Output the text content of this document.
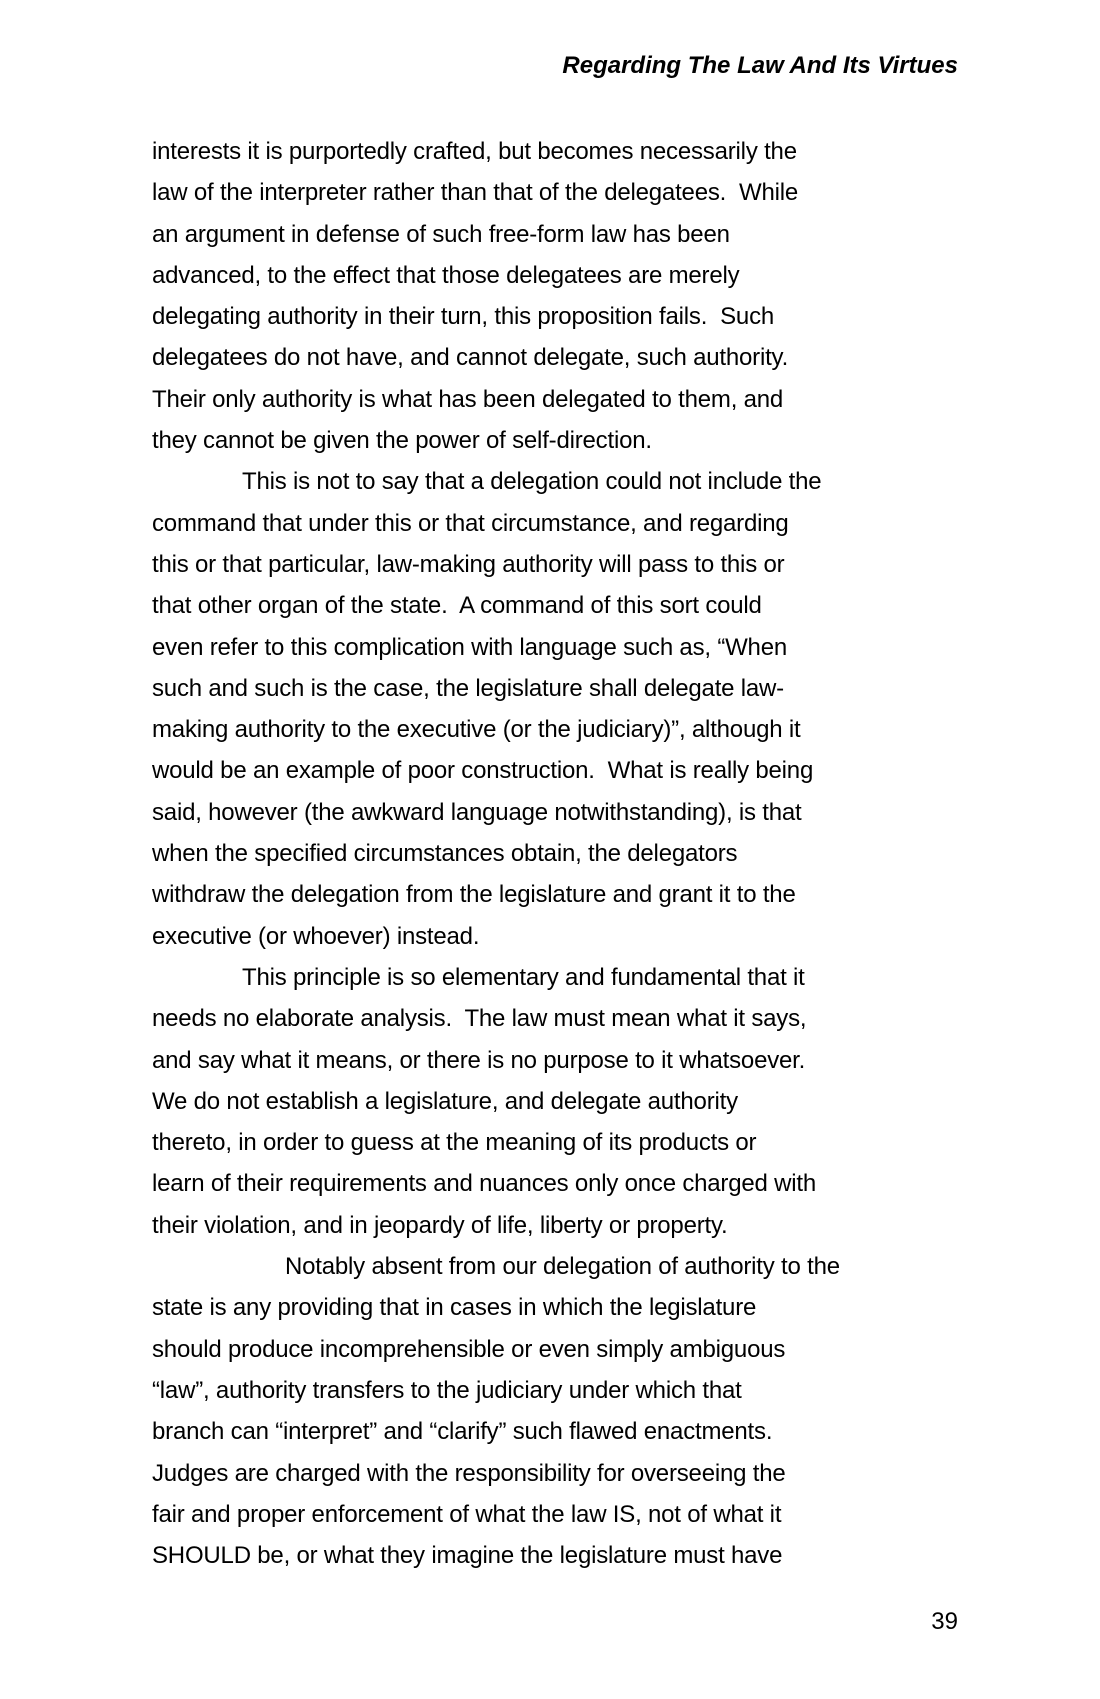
Regarding The Law And Its Virtues
interests it is purportedly crafted, but becomes necessarily the
law of the interpreter rather than that of the delegatees.  While
an argument in defense of such free-form law has been
advanced, to the effect that those delegatees are merely
delegating authority in their turn, this proposition fails.  Such
delegatees do not have, and cannot delegate, such authority.
Their only authority is what has been delegated to them, and
they cannot be given the power of self-direction.
This is not to say that a delegation could not include the
command that under this or that circumstance, and regarding
this or that particular, law-making authority will pass to this or
that other organ of the state.  A command of this sort could
even refer to this complication with language such as, “When
such and such is the case, the legislature shall delegate law-
making authority to the executive (or the judiciary)”, although it
would be an example of poor construction.  What is really being
said, however (the awkward language notwithstanding), is that
when the specified circumstances obtain, the delegators
withdraw the delegation from the legislature and grant it to the
executive (or whoever) instead.
This principle is so elementary and fundamental that it
needs no elaborate analysis.  The law must mean what it says,
and say what it means, or there is no purpose to it whatsoever.
We do not establish a legislature, and delegate authority
thereto, in order to guess at the meaning of its products or
learn of their requirements and nuances only once charged with
their violation, and in jeopardy of life, liberty or property.
Notably absent from our delegation of authority to the
state is any providing that in cases in which the legislature
should produce incomprehensible or even simply ambiguous
“law”, authority transfers to the judiciary under which that
branch can “interpret” and “clarify” such flawed enactments.
Judges are charged with the responsibility for overseeing the
fair and proper enforcement of what the law IS, not of what it
SHOULD be, or what they imagine the legislature must have
39
